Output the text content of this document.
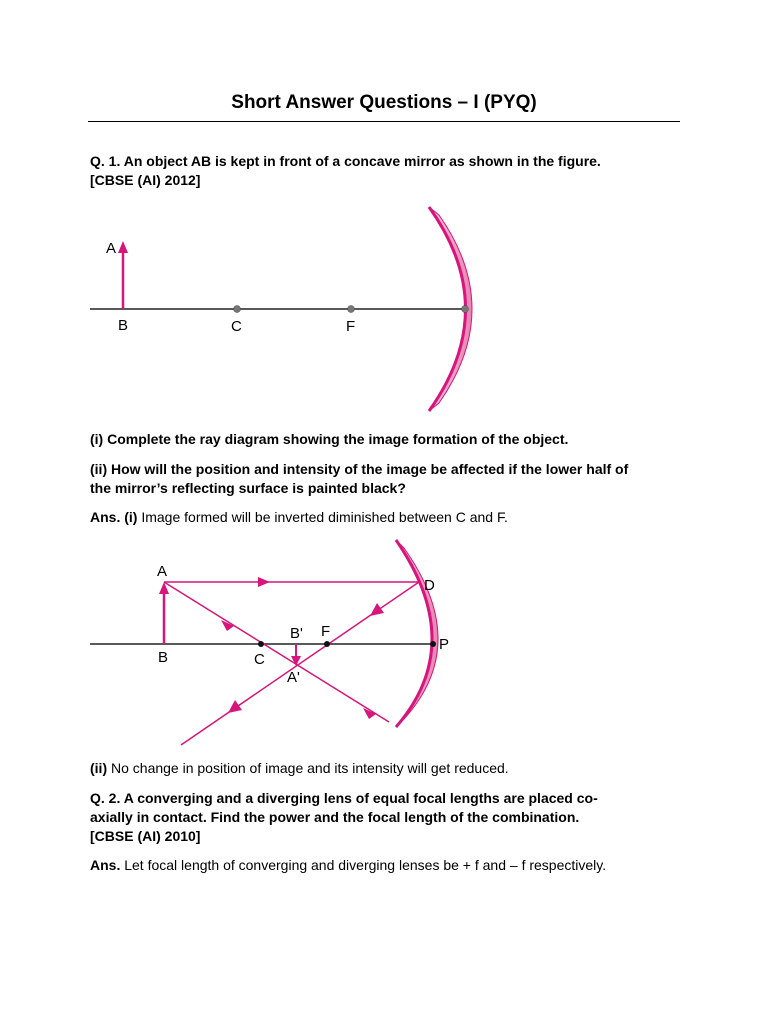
Short Answer Questions – I (PYQ)

Q. 1. An object AB is kept in front of a concave mirror as shown in the figure.
[CBSE (AI) 2012]

A
B	C	F

(i) Complete the ray diagram showing the image formation of the object.

(ii) How will the position and intensity of the image be affected if the lower half of
the mirror’s reflecting surface is painted black?

Ans. (i) Image formed will be inverted diminished between C and F.

A
B	C
D
P
F
B'
A'

(ii) No change in position of image and its intensity will get reduced.

Q. 2. A converging and a diverging lens of equal focal lengths are placed co-
axially in contact. Find the power and the focal length of the combination.
[CBSE (AI) 2010]

Ans. Let focal length of converging and diverging lenses be + f and – f respectively.
